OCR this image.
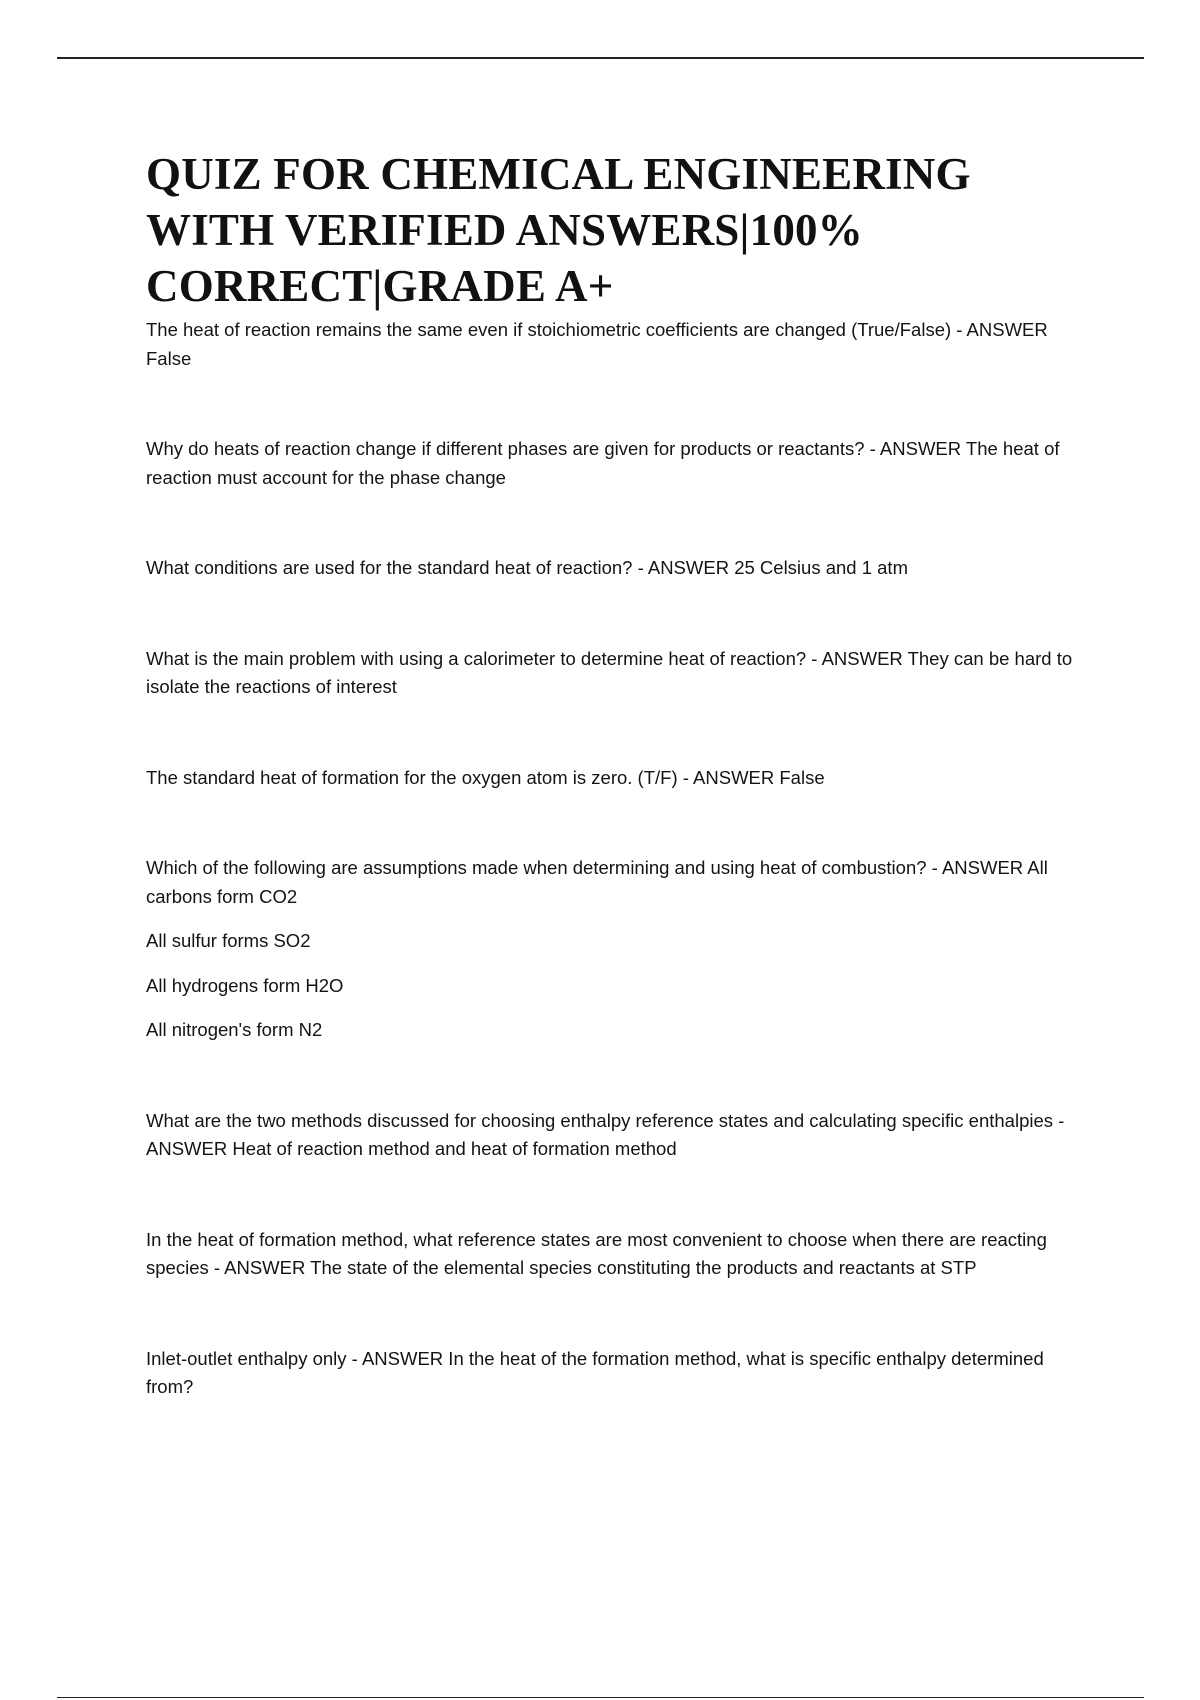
QUIZ FOR CHEMICAL ENGINEERING WITH VERIFIED ANSWERS|100% CORRECT|GRADE A+

The heat of reaction remains the same even if stoichiometric coefficients are changed (True/False) - ANSWER False

Why do heats of reaction change if different phases are given for products or reactants? - ANSWER The heat of reaction must account for the phase change

What conditions are used for the standard heat of reaction? - ANSWER 25 Celsius and 1 atm

What is the main problem with using a calorimeter to determine heat of reaction? - ANSWER They can be hard to isolate the reactions of interest

The standard heat of formation for the oxygen atom is zero. (T/F) - ANSWER False

Which of the following are assumptions made when determining and using heat of combustion? - ANSWER All carbons form CO2

All sulfur forms SO2

All hydrogens form H2O

All nitrogen's form N2

What are the two methods discussed for choosing enthalpy reference states and calculating specific enthalpies - ANSWER Heat of reaction method and heat of formation method

In the heat of formation method, what reference states are most convenient to choose when there are reacting species - ANSWER The state of the elemental species constituting the products and reactants at STP

Inlet-outlet enthalpy only - ANSWER In the heat of the formation method, what is specific enthalpy determined from?
